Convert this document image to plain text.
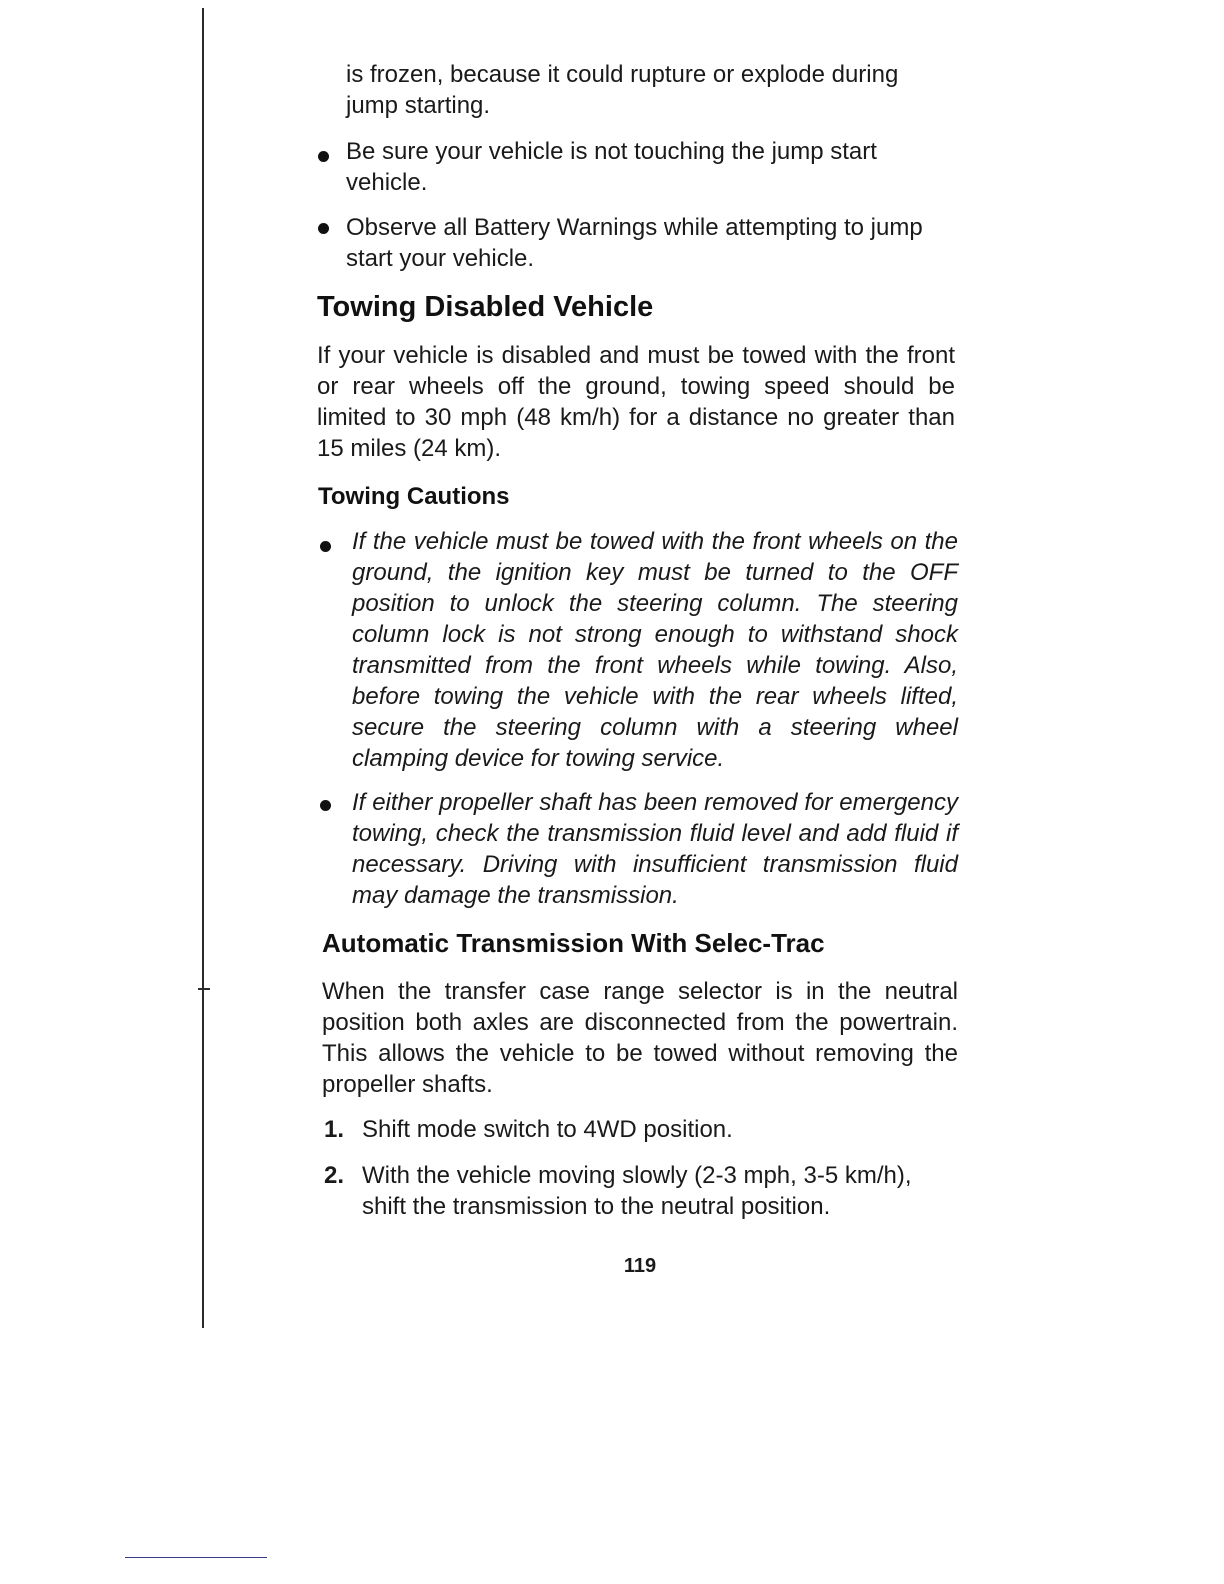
is frozen, because it could rupture or explode during jump starting.

Be sure your vehicle is not touching the jump start vehicle.

Observe all Battery Warnings while attempting to jump start your vehicle.

Towing Disabled Vehicle

If your vehicle is disabled and must be towed with the front or rear wheels off the ground, towing speed should be limited to 30 mph (48 km/h) for a distance no greater than 15 miles (24 km).

Towing Cautions

If the vehicle must be towed with the front wheels on the ground, the ignition key must be turned to the OFF position to unlock the steering column. The steering column lock is not strong enough to withstand shock transmitted from the front wheels while towing. Also, before towing the vehicle with the rear wheels lifted, secure the steering column with a steering wheel clamping device for towing service.

If either propeller shaft has been removed for emergency towing, check the transmission fluid level and add fluid if necessary. Driving with insufficient transmission fluid may damage the transmission.

Automatic Transmission With Selec-Trac

When the transfer case range selector is in the neutral position both axles are disconnected from the powertrain. This allows the vehicle to be towed without removing the propeller shafts.

1. Shift mode switch to 4WD position.

2. With the vehicle moving slowly (2-3 mph, 3-5 km/h), shift the transmission to the neutral position.

119
